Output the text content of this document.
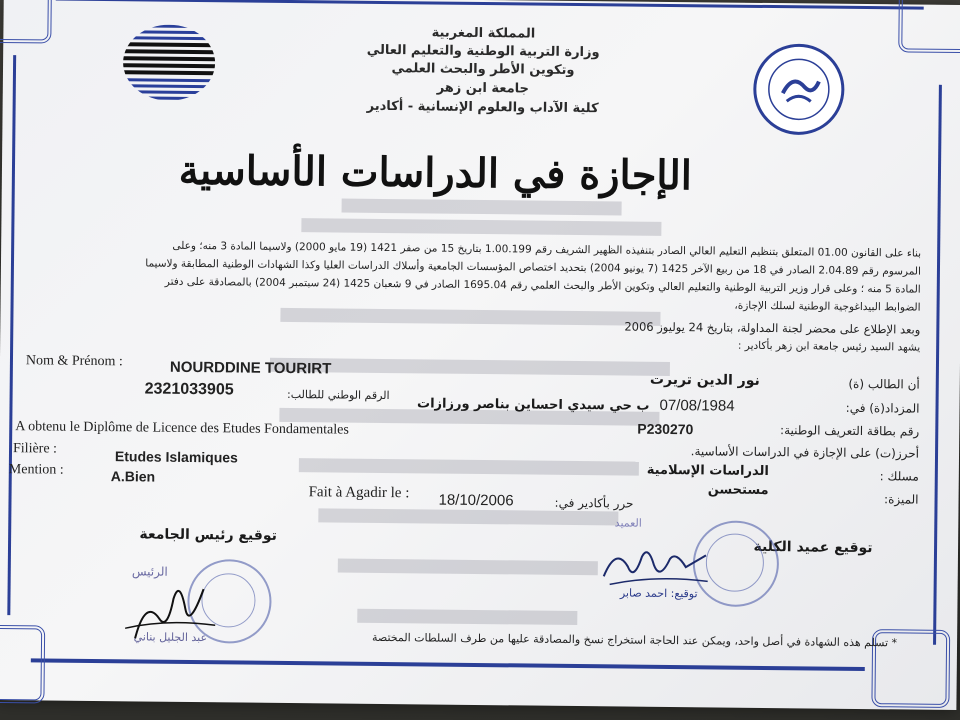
المملكة المغربية
وزارة التربية الوطنية والتعليم العالي
وتكوين الأطر والبحث العلمي
جامعة ابن زهر
كلية الآداب والعلوم الإنسانية - أكادير
الإجازة في الدراسات الأساسية
بناء على القانون 01.00 المتعلق بتنظيم التعليم العالي الصادر بتنفيذه الظهير الشريف رقم 1.00.199 بتاريخ 15 من صفر 1421 (19 مايو 2000) ولاسيما المادة 3 منه؛ وعلى
المرسوم رقم 2.04.89 الصادر في 18 من ربيع الآخر 1425 (7 يونيو 2004) بتحديد اختصاص المؤسسات الجامعية وأسلاك الدراسات العليا وكذا الشهادات الوطنية المطابقة ولاسيما
المادة 5 منه ؛ وعلى قرار وزير التربية الوطنية والتعليم العالي وتكوين الأطر والبحث العلمي رقم 1695.04 الصادر في 9 شعبان 1425 (24 سبتمبر 2004) بالمصادقة على دفتر
الضوابط البيداغوجية الوطنية لسلك الإجازة،
وبعد الإطلاع على محضر لجنة المداولة، بتاريخ 24 يوليوز 2006
يشهد السيد رئيس جامعة ابن زهر بأكادير :
Nom & Prénom :	NOURDDINE TOURIRT
أن الطالب (ة)
نور الدين تريرت
2321033905	الرقم الوطني للطالب:
المزداد(ة) في:
07/08/1984
ب حي سيدي احساين بناصر ورزازات
رقم بطاقة التعريف الوطنية:
P230270
A obtenu le Diplôme de Licence des Etudes Fondamentales
أحرز(ت) على الإجازة في الدراسات الأساسية.
Filière :	Etudes Islamiques
مسلك :
الدراسات الإسلامية
Mention :	A.Bien
الميزة:
مستحسن
Fait à Agadir le : 18/10/2006	حرر بأكادير في:
توقيع رئيس الجامعة
توقيع عميد الكلية
العميد
توقيع: احمد صابر
الرئيس
عبد الجليل بناني	* تسلم هذه الشهادة في أصل واحد، ويمكن عند الحاجة استخراج نسخ والمصادقة عليها من طرف السلطات المختصة
